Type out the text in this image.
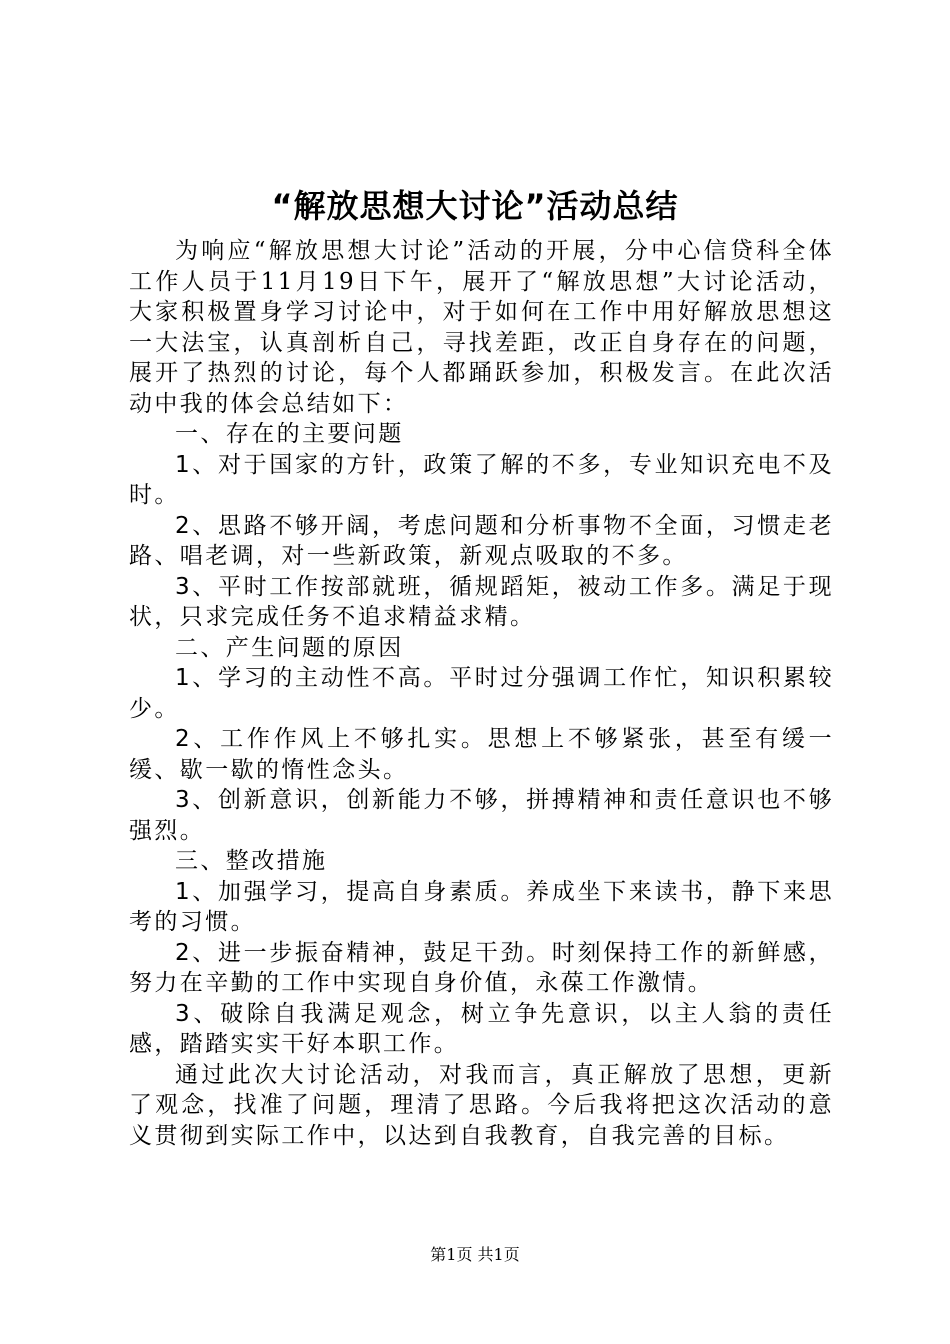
“解放思想大讨论”活动总结

为响应“解放思想大讨论”活动的开展，分中心信贷科全体工作人员于11月19日下午，展开了“解放思想”大讨论活动，大家积极置身学习讨论中，对于如何在工作中用好解放思想这一大法宝，认真剖析自己，寻找差距，改正自身存在的问题，展开了热烈的讨论，每个人都踊跃参加，积极发言。在此次活动中我的体会总结如下：

一、存在的主要问题

1、对于国家的方针，政策了解的不多，专业知识充电不及时。

2、思路不够开阔，考虑问题和分析事物不全面，习惯走老路、唱老调，对一些新政策，新观点吸取的不多。

3、平时工作按部就班，循规蹈矩，被动工作多。满足于现状，只求完成任务不追求精益求精。

二、产生问题的原因

1、学习的主动性不高。平时过分强调工作忙，知识积累较少。

2、工作作风上不够扎实。思想上不够紧张，甚至有缓一缓、歇一歇的惰性念头。

3、创新意识，创新能力不够，拼搏精神和责任意识也不够强烈。

三、整改措施

1、加强学习，提高自身素质。养成坐下来读书，静下来思考的习惯。

2、进一步振奋精神，鼓足干劲。时刻保持工作的新鲜感，努力在辛勤的工作中实现自身价值，永葆工作激情。

3、破除自我满足观念，树立争先意识，以主人翁的责任感，踏踏实实干好本职工作。

通过此次大讨论活动，对我而言，真正解放了思想，更新了观念，找准了问题，理清了思路。今后我将把这次活动的意义贯彻到实际工作中，以达到自我教育，自我完善的目标。

第1页 共1页
